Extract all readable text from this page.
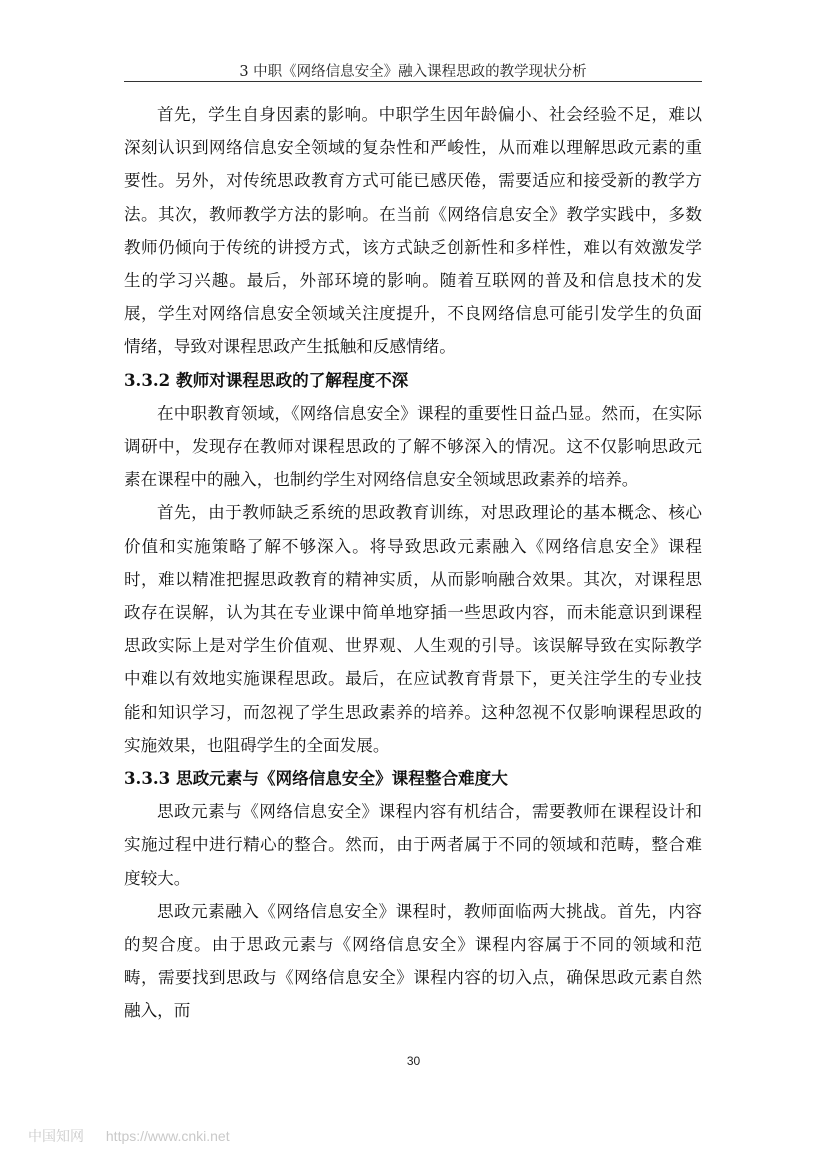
3 中职《网络信息安全》融入课程思政的教学现状分析

首先，学生自身因素的影响。中职学生因年龄偏小、社会经验不足，难以深刻认识到网络信息安全领域的复杂性和严峻性，从而难以理解思政元素的重要性。另外，对传统思政教育方式可能已感厌倦，需要适应和接受新的教学方法。其次，教师教学方法的影响。在当前《网络信息安全》教学实践中，多数教师仍倾向于传统的讲授方式，该方式缺乏创新性和多样性，难以有效激发学生的学习兴趣。最后，外部环境的影响。随着互联网的普及和信息技术的发展，学生对网络信息安全领域关注度提升，不良网络信息可能引发学生的负面情绪，导致对课程思政产生抵触和反感情绪。

3.3.2 教师对课程思政的了解程度不深

在中职教育领域，《网络信息安全》课程的重要性日益凸显。然而，在实际调研中，发现存在教师对课程思政的了解不够深入的情况。这不仅影响思政元素在课程中的融入，也制约学生对网络信息安全领域思政素养的培养。

首先，由于教师缺乏系统的思政教育训练，对思政理论的基本概念、核心价值和实施策略了解不够深入。将导致思政元素融入《网络信息安全》课程时，难以精准把握思政教育的精神实质，从而影响融合效果。其次，对课程思政存在误解，认为其在专业课中简单地穿插一些思政内容，而未能意识到课程思政实际上是对学生价值观、世界观、人生观的引导。该误解导致在实际教学中难以有效地实施课程思政。最后，在应试教育背景下，更关注学生的专业技能和知识学习，而忽视了学生思政素养的培养。这种忽视不仅影响课程思政的实施效果，也阻碍学生的全面发展。

3.3.3 思政元素与《网络信息安全》课程整合难度大

思政元素与《网络信息安全》课程内容有机结合，需要教师在课程设计和实施过程中进行精心的整合。然而，由于两者属于不同的领域和范畴，整合难度较大。

思政元素融入《网络信息安全》课程时，教师面临两大挑战。首先，内容的契合度。由于思政元素与《网络信息安全》课程内容属于不同的领域和范畴，需要找到思政与《网络信息安全》课程内容的切入点，确保思政元素自然融入，而

30
中国知网 https://www.cnki.net
